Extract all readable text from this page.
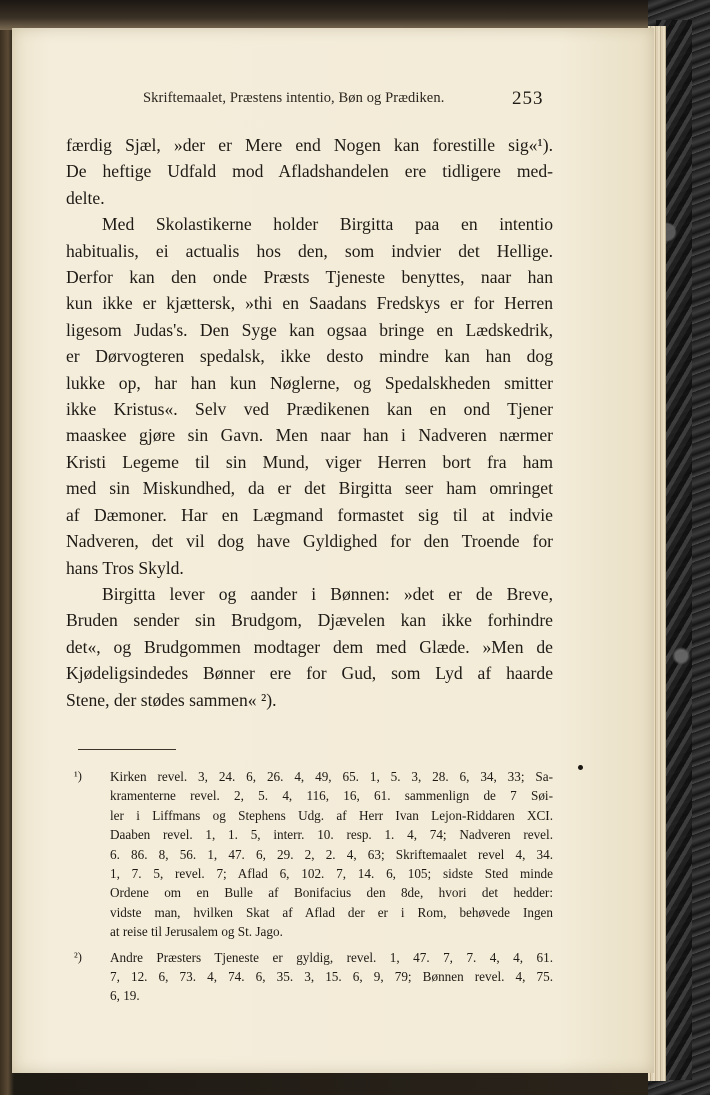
Skriftemaalet, Præstens intentio, Bøn og Prædiken.	253
færdig Sjæl, »der er Mere end Nogen kan forestille sig«¹).
De heftige Udfald mod Afladshandelen ere tidligere med-
delte.
Med Skolastikerne holder Birgitta paa en intentio
habitualis, ei actualis hos den, som indvier det Hellige.
Derfor kan den onde Præsts Tjeneste benyttes, naar han
kun ikke er kjættersk, »thi en Saadans Fredskys er for Herren
ligesom Judas's. Den Syge kan ogsaa bringe en Lædskedrik,
er Dørvogteren spedalsk, ikke desto mindre kan han dog
lukke op, har han kun Nøglerne, og Spedalskheden smitter
ikke Kristus«. Selv ved Prædikenen kan en ond Tjener
maaskee gjøre sin Gavn. Men naar han i Nadveren nærmer
Kristi Legeme til sin Mund, viger Herren bort fra ham
med sin Miskundhed, da er det Birgitta seer ham omringet
af Dæmoner. Har en Lægmand formastet sig til at indvie
Nadveren, det vil dog have Gyldighed for den Troende for
hans Tros Skyld.
Birgitta lever og aander i Bønnen: »det er de Breve,
Bruden sender sin Brudgom, Djævelen kan ikke forhindre
det«, og Brudgommen modtager dem med Glæde. »Men de
Kjødeligsindedes Bønner ere for Gud, som Lyd af haarde
Stene, der stødes sammen« ²).
¹)	Kirken revel. 3, 24. 6, 26. 4, 49, 65. 1, 5. 3, 28. 6, 34, 33; Sa-
kramenterne revel. 2, 5. 4, 116, 16, 61. sammenlign de 7 Søi-
ler i Liffmans og Stephens Udg. af Herr Ivan Lejon-Riddaren XCI.
Daaben revel. 1, 1. 5, interr. 10. resp. 1. 4, 74; Nadveren revel.
6. 86. 8, 56. 1, 47. 6, 29. 2, 2. 4, 63; Skriftemaalet revel 4, 34.
1, 7. 5, revel. 7; Aflad 6, 102. 7, 14. 6, 105; sidste Sted minde
Ordene om en Bulle af Bonifacius den 8de, hvori det hedder:
vidste man, hvilken Skat af Aflad der er i Rom, behøvede Ingen
at reise til Jerusalem og St. Jago.
²)	Andre Præsters Tjeneste er gyldig, revel. 1, 47. 7, 7. 4, 4, 61.
7, 12. 6, 73. 4, 74. 6, 35. 3, 15. 6, 9, 79; Bønnen revel. 4, 75.
6, 19.
